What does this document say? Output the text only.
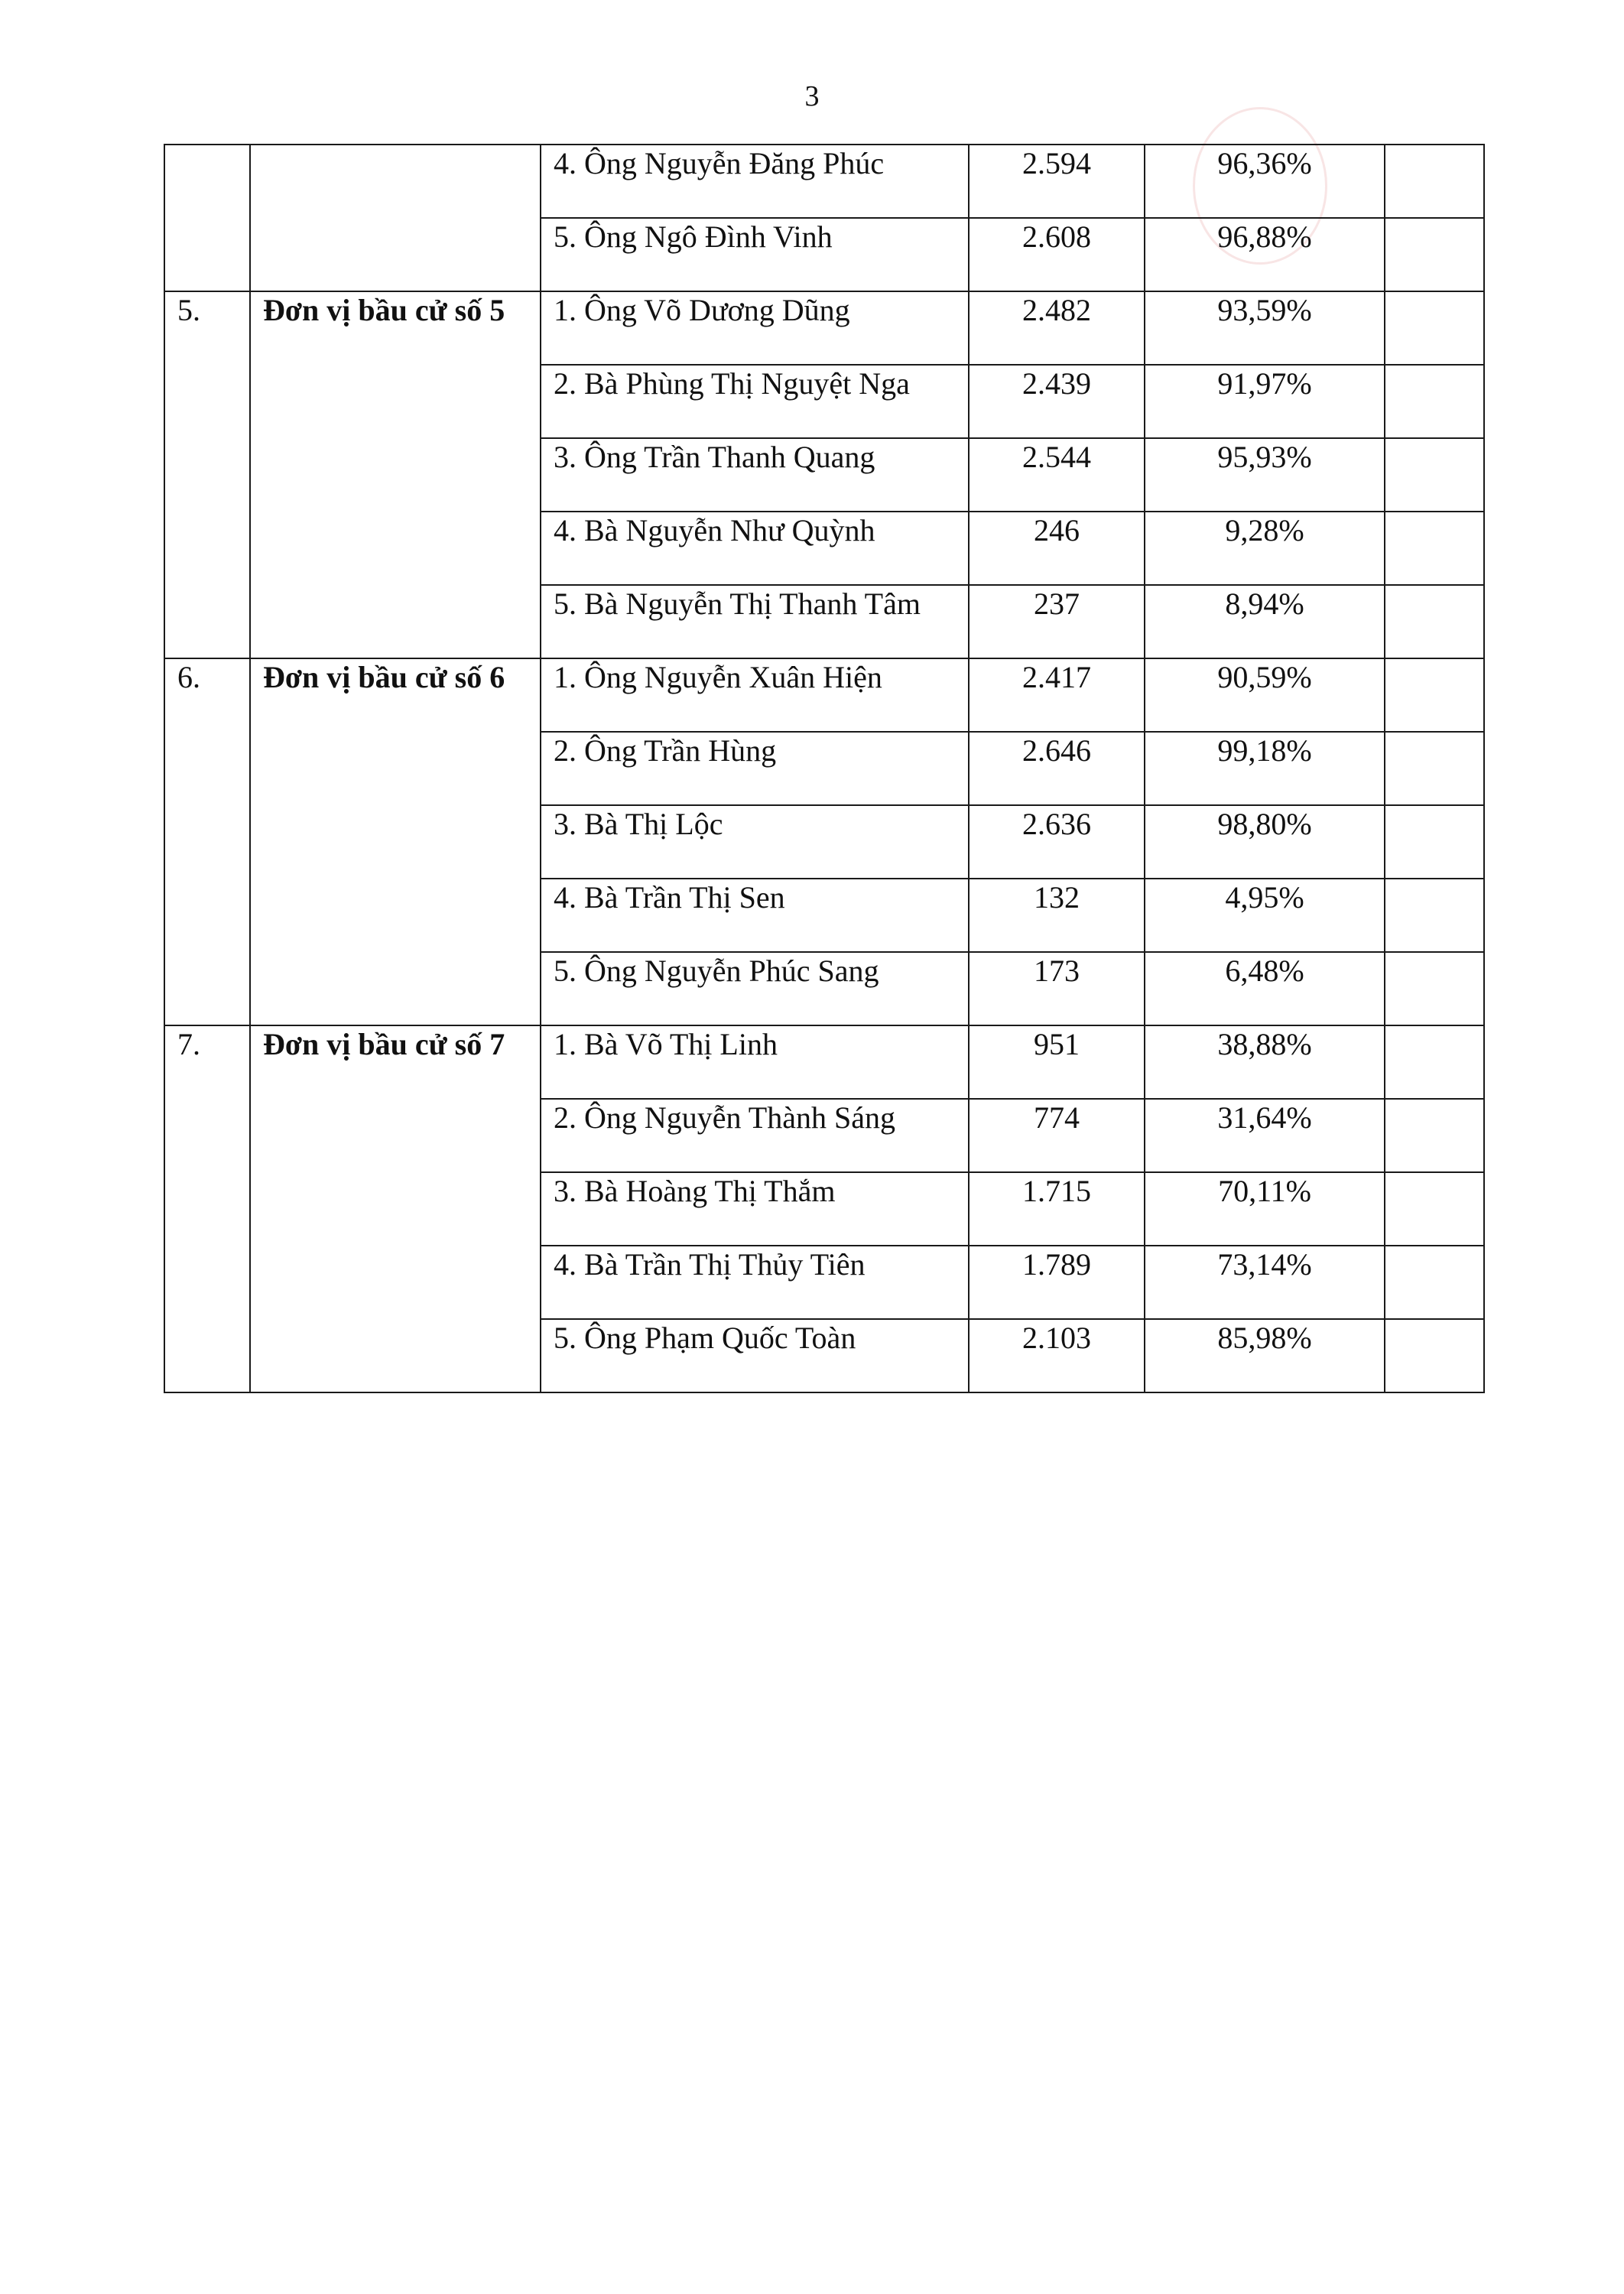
3
		4. Ông Nguyễn Đăng Phúc	2.594	96,36%	
		5. Ông Ngô Đình Vinh	2.608	96,88%	
5.	Đơn vị bầu cử số 5	1. Ông Võ Dương Dũng	2.482	93,59%	
		2. Bà Phùng Thị Nguyệt Nga	2.439	91,97%	
		3. Ông Trần Thanh Quang	2.544	95,93%	
		4. Bà Nguyễn Như Quỳnh	246	9,28%	
		5. Bà Nguyễn Thị Thanh Tâm	237	8,94%	
6.	Đơn vị bầu cử số 6	1. Ông Nguyễn Xuân Hiện	2.417	90,59%	
		2. Ông Trần Hùng	2.646	99,18%	
		3. Bà Thị Lộc	2.636	98,80%	
		4. Bà Trần Thị Sen	132	4,95%	
		5. Ông Nguyễn Phúc Sang	173	6,48%	
7.	Đơn vị bầu cử số 7	1. Bà Võ Thị Linh	951	38,88%	
		2. Ông Nguyễn Thành Sáng	774	31,64%	
		3. Bà Hoàng Thị Thắm	1.715	70,11%	
		4. Bà Trần Thị Thủy Tiên	1.789	73,14%	
		5. Ông Phạm Quốc Toàn	2.103	85,98%	
